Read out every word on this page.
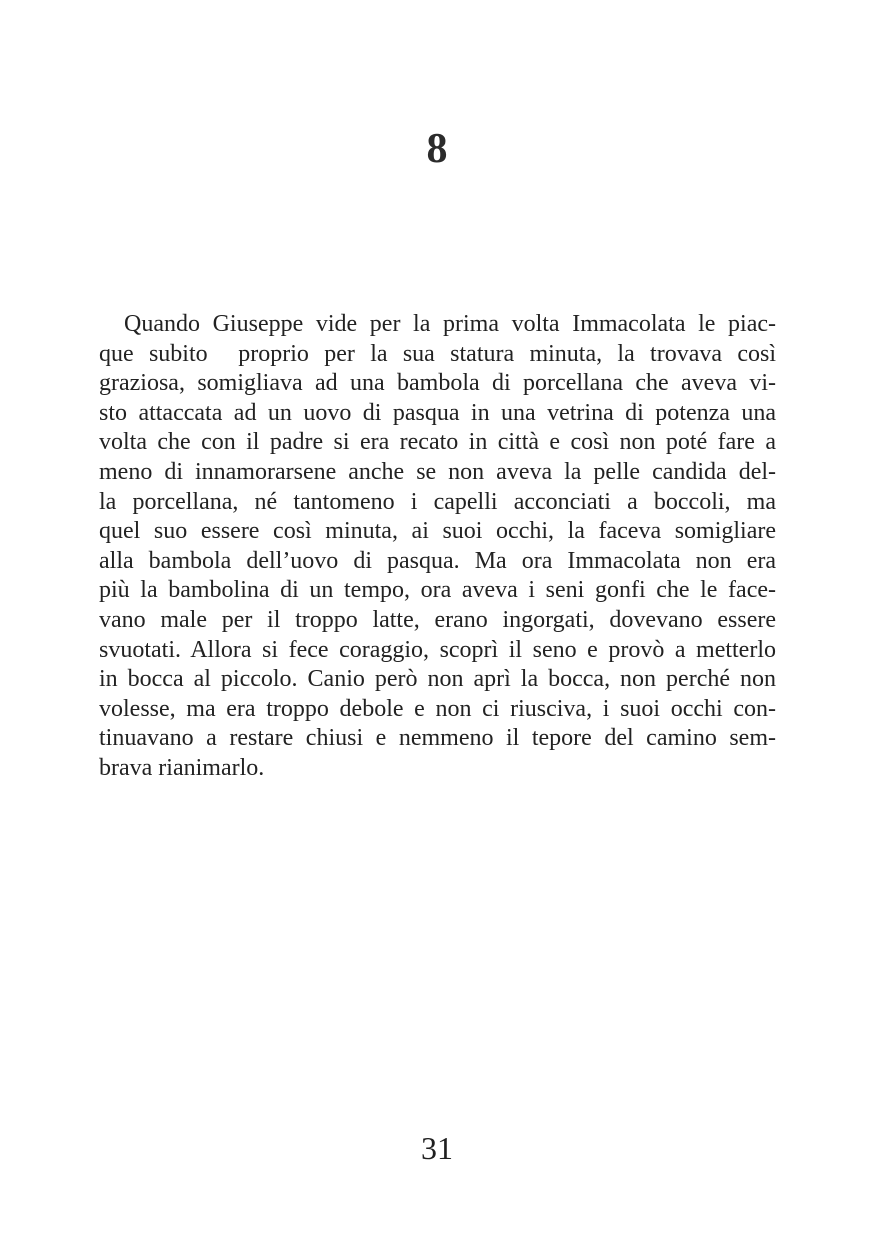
8
Quando Giuseppe vide per la prima volta Immacolata le piac-
que subito  proprio per la sua statura minuta, la trovava così
graziosa, somigliava ad una bambola di porcellana che aveva vi-
sto attaccata ad un uovo di pasqua in una vetrina di potenza una
volta che con il padre si era recato in città e così non poté fare a
meno di innamorarsene anche se non aveva la pelle candida del-
la porcellana, né tantomeno i capelli acconciati a boccoli, ma
quel suo essere così minuta, ai suoi occhi, la faceva somigliare
alla bambola dell’uovo di pasqua. Ma ora Immacolata non era
più la bambolina di un tempo, ora aveva i seni gonfi che le face-
vano male per il troppo latte, erano ingorgati, dovevano essere
svuotati. Allora si fece coraggio, scoprì il seno e provò a metterlo
in bocca al piccolo. Canio però non aprì la bocca, non perché non
volesse, ma era troppo debole e non ci riusciva, i suoi occhi con-
tinuavano a restare chiusi e nemmeno il tepore del camino sem-
brava rianimarlo.
31
